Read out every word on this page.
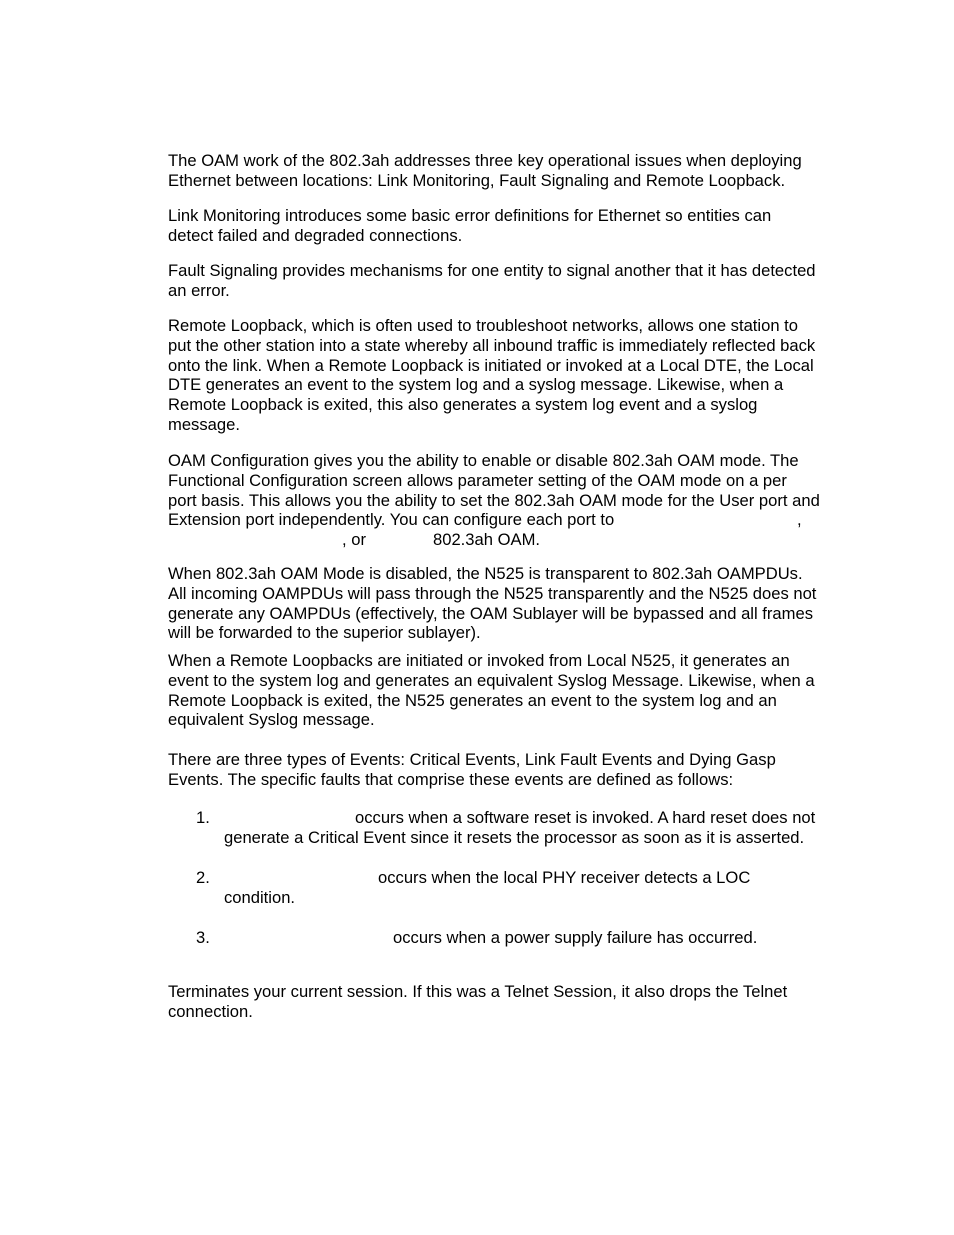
The OAM work of the 802.3ah addresses three key operational issues when deploying
Ethernet between locations: Link Monitoring, Fault Signaling and Remote Loopback.
Link Monitoring introduces some basic error definitions for Ethernet so entities can
detect failed and degraded connections.
Fault Signaling provides mechanisms for one entity to signal another that it has detected
an error.
Remote Loopback, which is often used to troubleshoot networks, allows one station to
put the other station into a state whereby all inbound traffic is immediately reflected back
onto the link. When a Remote Loopback is initiated or invoked at a Local DTE, the Local
DTE generates an event to the system log and a syslog message. Likewise, when a
Remote Loopback is exited, this also generates a system log event and a syslog
message.
OAM Configuration gives you the ability to enable or disable 802.3ah OAM mode. The
Functional Configuration screen allows parameter setting of the OAM mode on a per
port basis. This allows you the ability to set the 802.3ah OAM mode for the User port and
Extension port independently. You can configure each port to	,
, or	802.3ah OAM.
When 802.3ah OAM Mode is disabled, the N525 is transparent to 802.3ah OAMPDUs.
All incoming OAMPDUs will pass through the N525 transparently and the N525 does not
generate any OAMPDUs (effectively, the OAM Sublayer will be bypassed and all frames
will be forwarded to the superior sublayer).
When a Remote Loopbacks are initiated or invoked from Local N525, it generates an
event to the system log and generates an equivalent Syslog Message. Likewise, when a
Remote Loopback is exited, the N525 generates an event to the system log and an
equivalent Syslog message.
There are three types of Events: Critical Events, Link Fault Events and Dying Gasp
Events. The specific faults that comprise these events are defined as follows:
1.	occurs when a software reset is invoked. A hard reset does not
generate a Critical Event since it resets the processor as soon as it is asserted.
2.	occurs when the local PHY receiver detects a LOC
condition.
3.	occurs when a power supply failure has occurred.
Terminates your current session. If this was a Telnet Session, it also drops the Telnet
connection.
